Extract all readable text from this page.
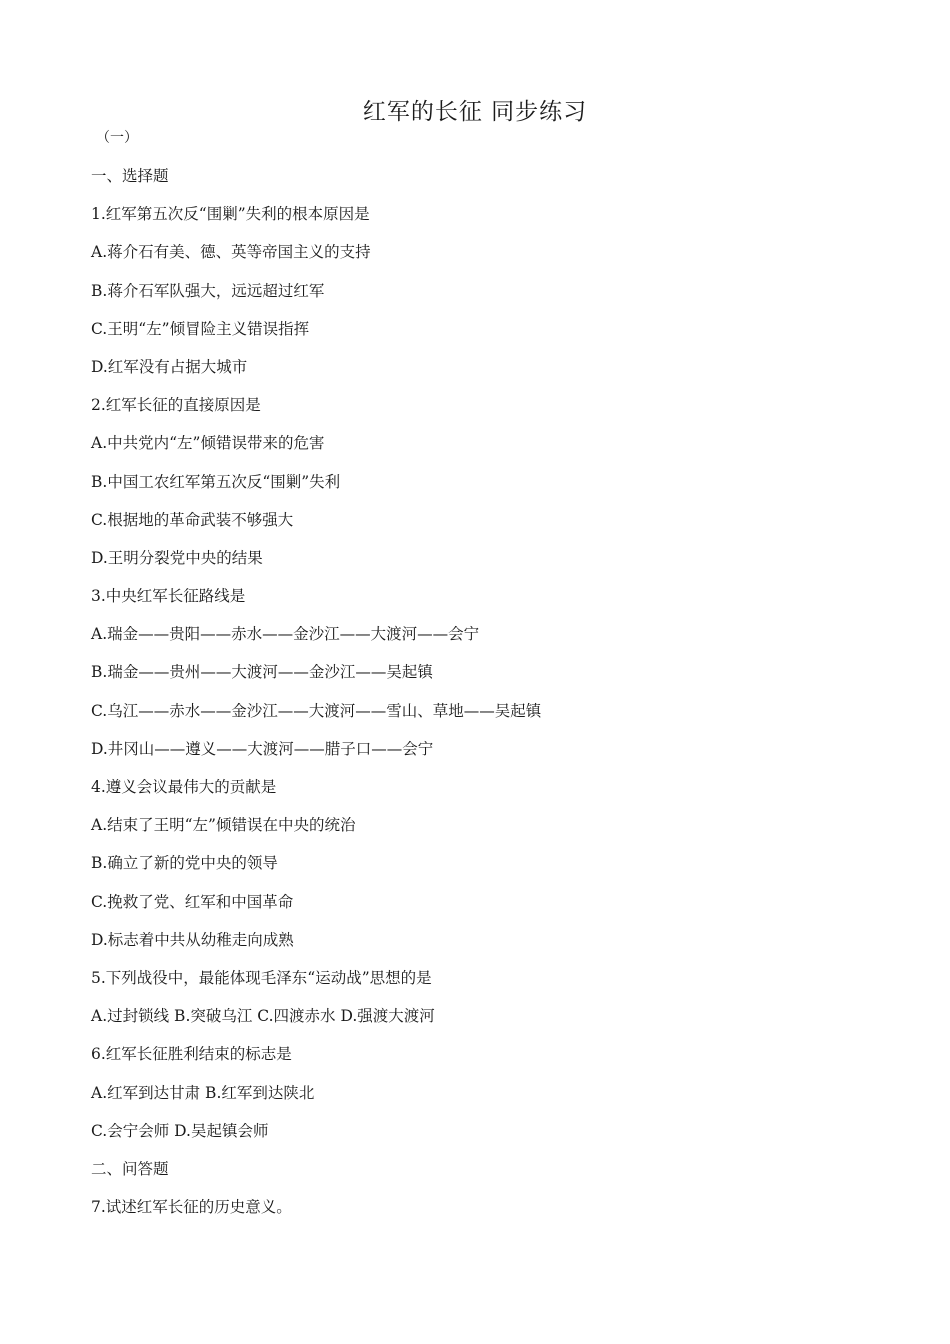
红军的长征 同步练习
（一）
一、选择题
1.红军第五次反“围剿”失利的根本原因是
A.蒋介石有美、德、英等帝国主义的支持
B.蒋介石军队强大，远远超过红军
C.王明“左”倾冒险主义错误指挥
D.红军没有占据大城市
2.红军长征的直接原因是
A.中共党内“左”倾错误带来的危害
B.中国工农红军第五次反“围剿”失利
C.根据地的革命武装不够强大
D.王明分裂党中央的结果
3.中央红军长征路线是
A.瑞金——贵阳——赤水——金沙江——大渡河——会宁
B.瑞金——贵州——大渡河——金沙江——吴起镇
C.乌江——赤水——金沙江——大渡河——雪山、草地——吴起镇
D.井冈山——遵义——大渡河——腊子口——会宁
4.遵义会议最伟大的贡献是
A.结束了王明“左”倾错误在中央的统治
B.确立了新的党中央的领导
C.挽救了党、红军和中国革命
D.标志着中共从幼稚走向成熟
5.下列战役中，最能体现毛泽东“运动战”思想的是
A.过封锁线 B.突破乌江 C.四渡赤水 D.强渡大渡河
6.红军长征胜利结束的标志是
A.红军到达甘肃 B.红军到达陕北
C.会宁会师 D.吴起镇会师
二、问答题
7.试述红军长征的历史意义。
